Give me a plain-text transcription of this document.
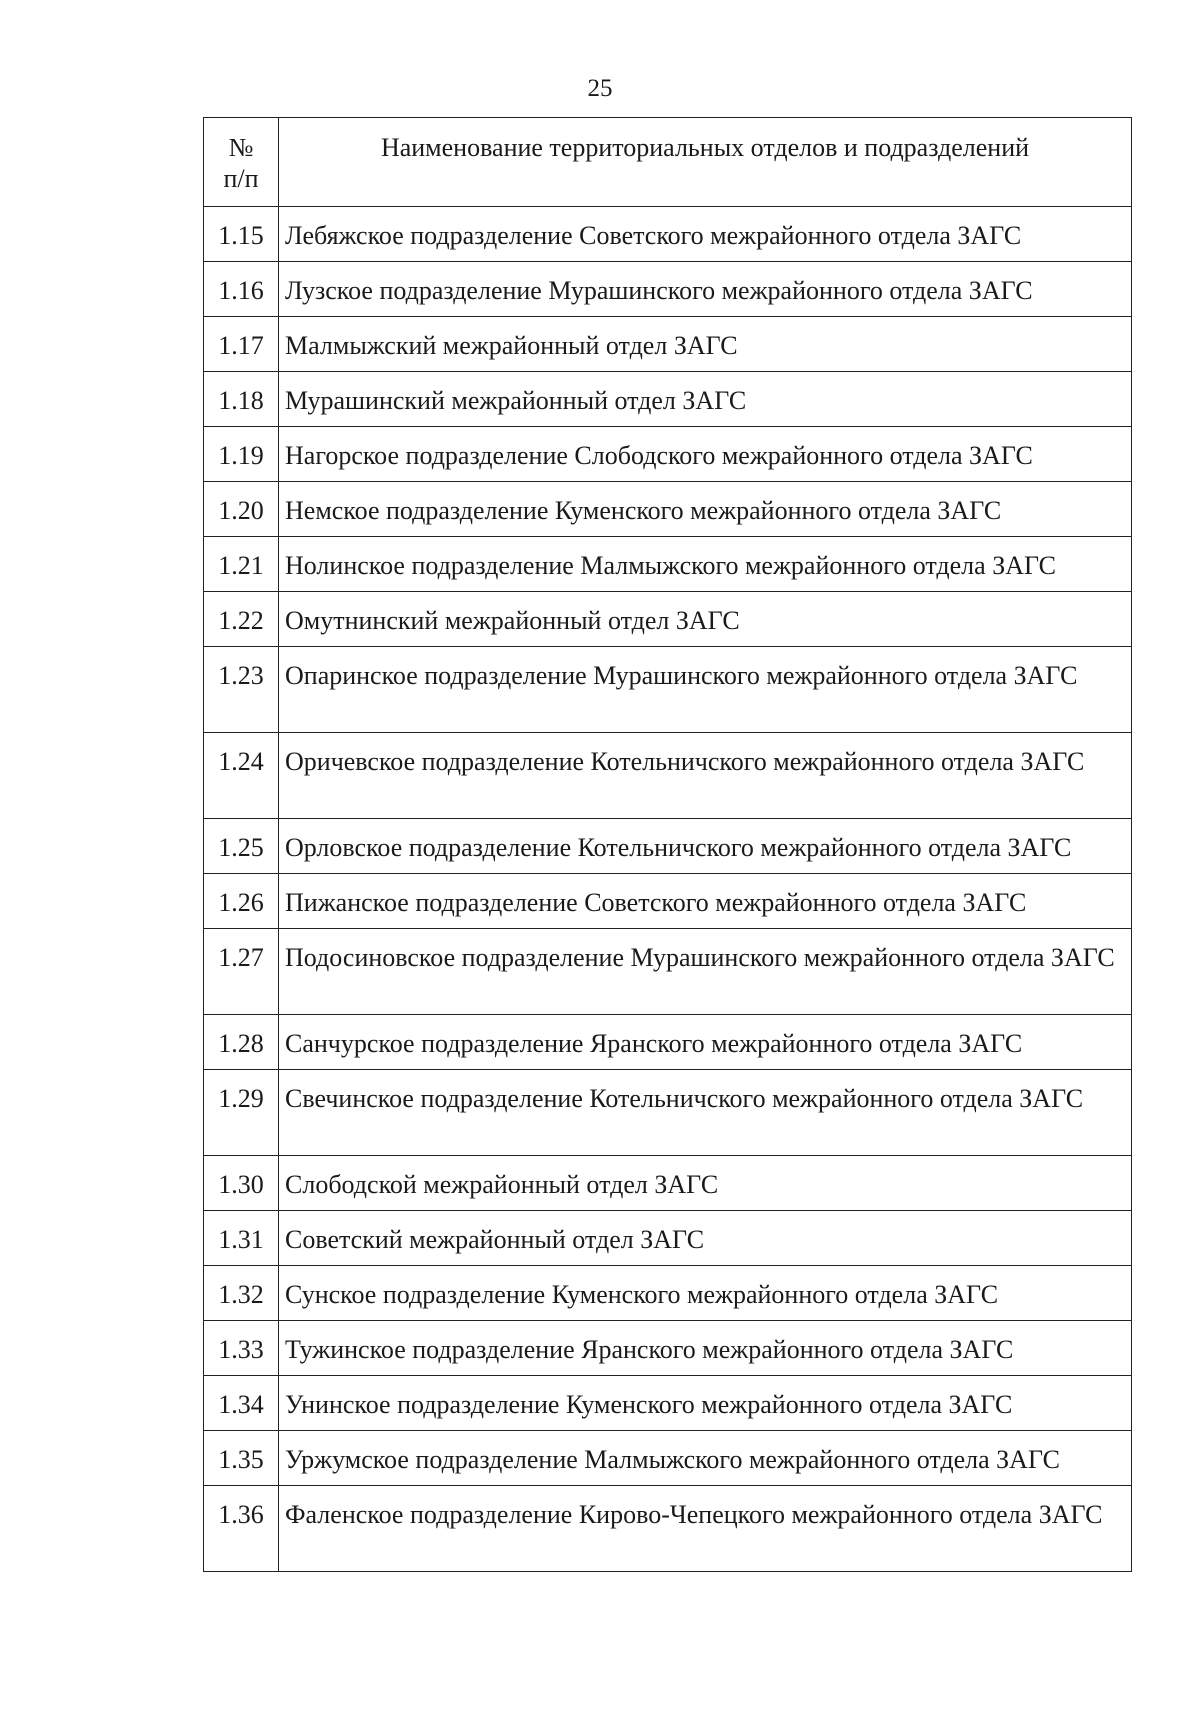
25
№
п/п	Наименование территориальных отделов и подразделений
1.15	Лебяжское подразделение Советского межрайонного отдела ЗАГС
1.16	Лузское подразделение Мурашинского межрайонного отдела ЗАГС
1.17	Малмыжский межрайонный отдел ЗАГС
1.18	Мурашинский межрайонный отдел ЗАГС
1.19	Нагорское подразделение Слободского межрайонного отдела ЗАГС
1.20	Немское подразделение Куменского межрайонного отдела ЗАГС
1.21	Нолинское подразделение Малмыжского межрайонного отдела ЗАГС
1.22	Омутнинский межрайонный отдел ЗАГС
1.23	Опаринское подразделение Мурашинского межрайонного отдела ЗАГС
1.24	Оричевское подразделение Котельничского межрайонного отдела ЗАГС
1.25	Орловское подразделение Котельничского межрайонного отдела ЗАГС
1.26	Пижанское подразделение Советского межрайонного отдела ЗАГС
1.27	Подосиновское подразделение Мурашинского межрайонного отдела ЗАГС
1.28	Санчурское подразделение Яранского межрайонного отдела ЗАГС
1.29	Свечинское подразделение Котельничского межрайонного отдела ЗАГС
1.30	Слободской межрайонный отдел ЗАГС
1.31	Советский межрайонный отдел ЗАГС
1.32	Сунское подразделение Куменского межрайонного отдела ЗАГС
1.33	Тужинское подразделение Яранского межрайонного отдела ЗАГС
1.34	Унинское подразделение Куменского межрайонного отдела ЗАГС
1.35	Уржумское подразделение Малмыжского межрайонного отдела ЗАГС
1.36	Фаленское подразделение Кирово-Чепецкого межрайонного отдела ЗАГС
